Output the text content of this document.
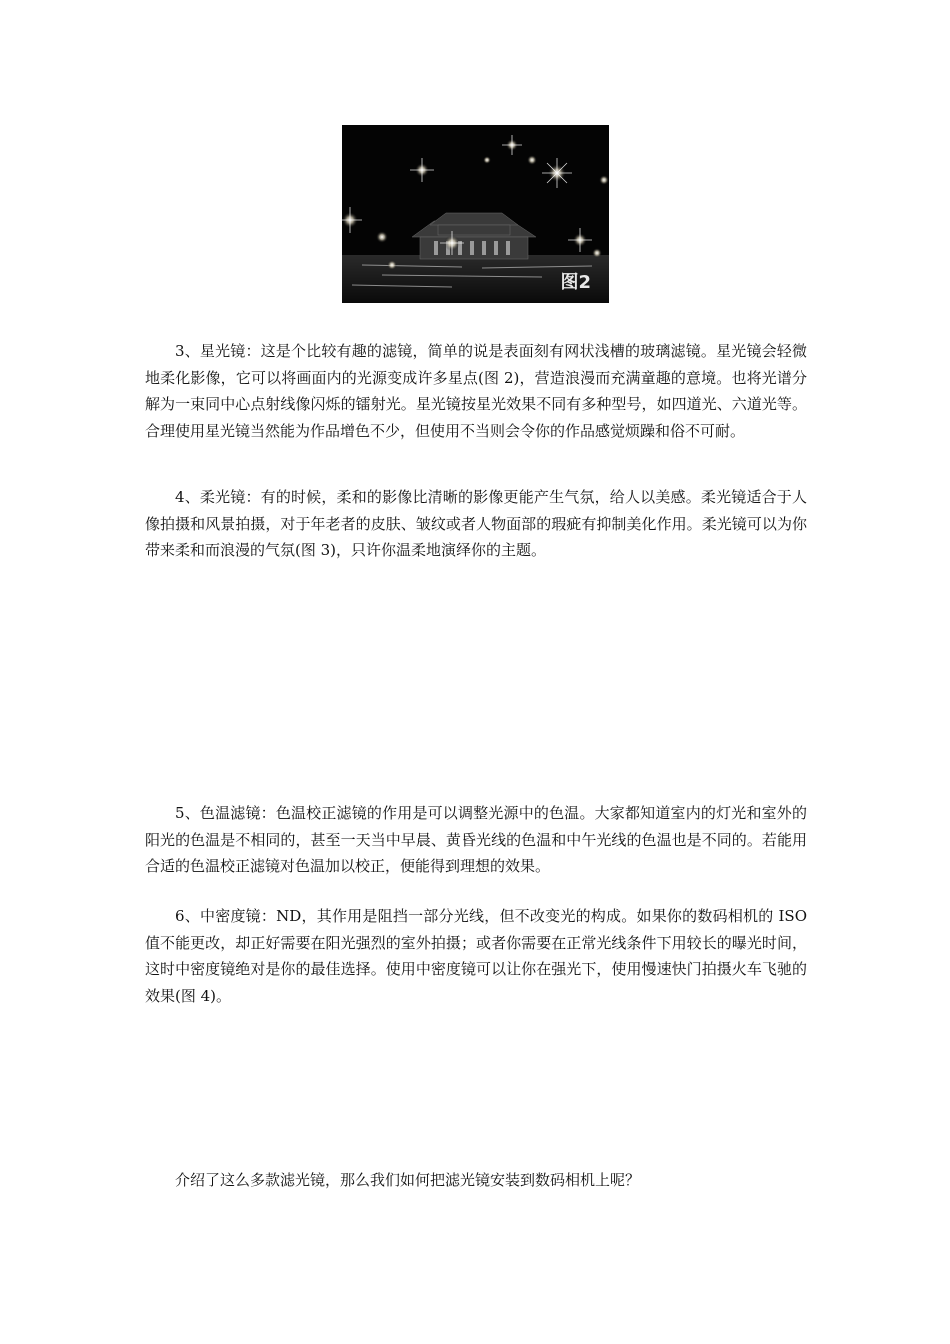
图2

3、星光镜：这是个比较有趣的滤镜，简单的说是表面刻有网状浅槽的玻璃滤镜。星光镜会轻微地柔化影像，它可以将画面内的光源变成许多星点(图 2)，营造浪漫而充满童趣的意境。也将光谱分解为一束同中心点射线像闪烁的镭射光。星光镜按星光效果不同有多种型号，如四道光、六道光等。合理使用星光镜当然能为作品增色不少，但使用不当则会令你的作品感觉烦躁和俗不可耐。

4、柔光镜：有的时候，柔和的影像比清晰的影像更能产生气氛，给人以美感。柔光镜适合于人像拍摄和风景拍摄，对于年老者的皮肤、皱纹或者人物面部的瑕疵有抑制美化作用。柔光镜可以为你带来柔和而浪漫的气氛(图 3)，只许你温柔地演绎你的主题。

5、色温滤镜：色温校正滤镜的作用是可以调整光源中的色温。大家都知道室内的灯光和室外的阳光的色温是不相同的，甚至一天当中早晨、黄昏光线的色温和中午光线的色温也是不同的。若能用合适的色温校正滤镜对色温加以校正，便能得到理想的效果。

6、中密度镜：ND，其作用是阻挡一部分光线，但不改变光的构成。如果你的数码相机的 ISO 值不能更改，却正好需要在阳光强烈的室外拍摄；或者你需要在正常光线条件下用较长的曝光时间，这时中密度镜绝对是你的最佳选择。使用中密度镜可以让你在强光下，使用慢速快门拍摄火车飞驰的效果(图 4)。

介绍了这么多款滤光镜，那么我们如何把滤光镜安装到数码相机上呢？
